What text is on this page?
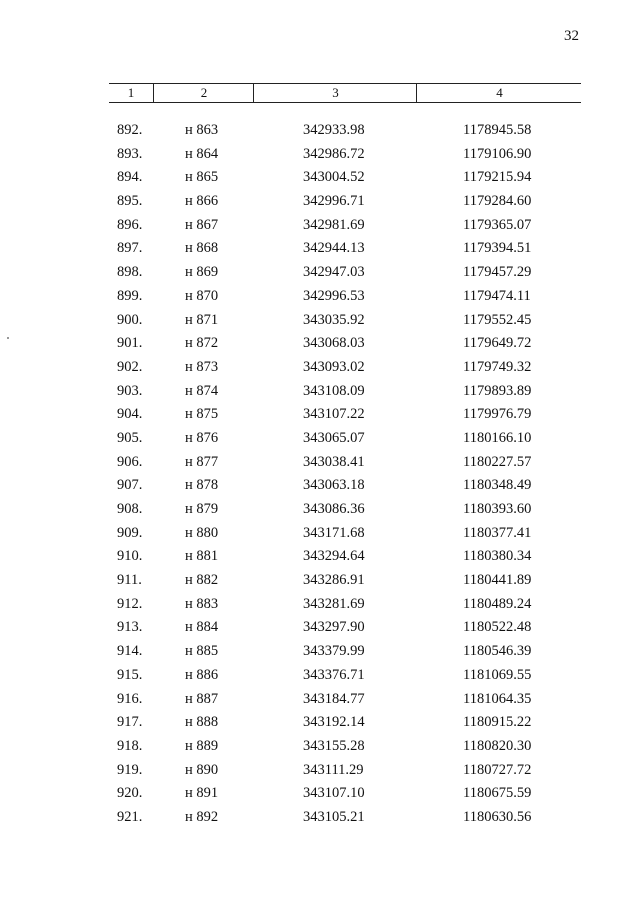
32
1	2	3	4
892.	н 863	342933.98	1178945.58
893.	н 864	342986.72	1179106.90
894.	н 865	343004.52	1179215.94
895.	н 866	342996.71	1179284.60
896.	н 867	342981.69	1179365.07
897.	н 868	342944.13	1179394.51
898.	н 869	342947.03	1179457.29
899.	н 870	342996.53	1179474.11
900.	н 871	343035.92	1179552.45
901.	н 872	343068.03	1179649.72
902.	н 873	343093.02	1179749.32
903.	н 874	343108.09	1179893.89
904.	н 875	343107.22	1179976.79
905.	н 876	343065.07	1180166.10
906.	н 877	343038.41	1180227.57
907.	н 878	343063.18	1180348.49
908.	н 879	343086.36	1180393.60
909.	н 880	343171.68	1180377.41
910.	н 881	343294.64	1180380.34
911.	н 882	343286.91	1180441.89
912.	н 883	343281.69	1180489.24
913.	н 884	343297.90	1180522.48
914.	н 885	343379.99	1180546.39
915.	н 886	343376.71	1181069.55
916.	н 887	343184.77	1181064.35
917.	н 888	343192.14	1180915.22
918.	н 889	343155.28	1180820.30
919.	н 890	343111.29	1180727.72
920.	н 891	343107.10	1180675.59
921.	н 892	343105.21	1180630.56
